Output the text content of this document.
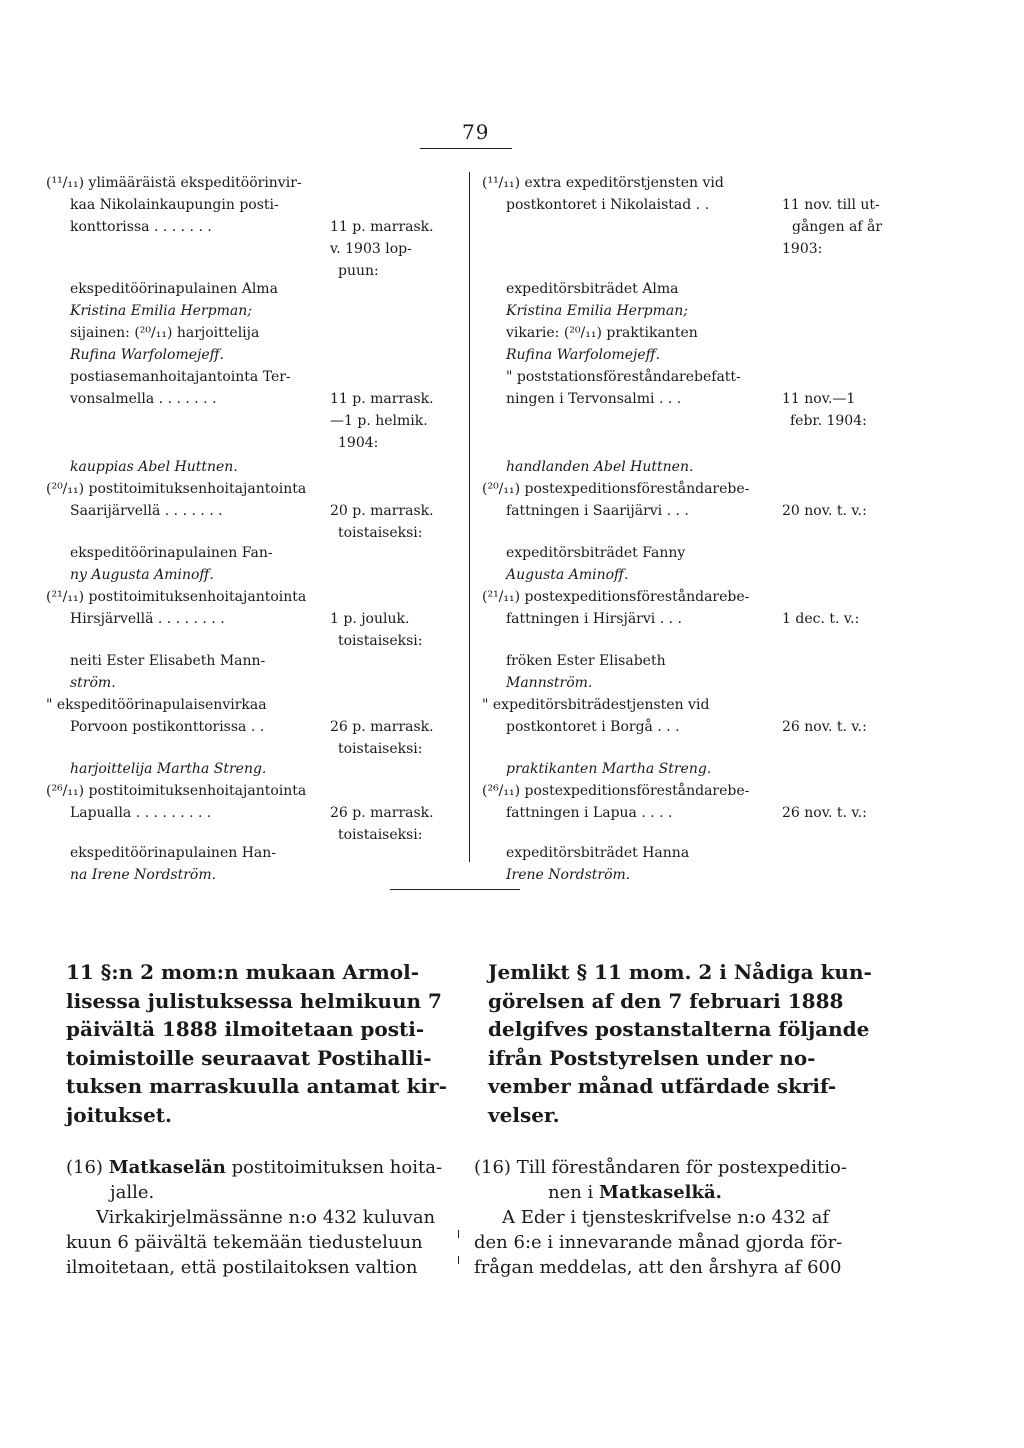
79
(¹¹/₁₁) ylimääräistä ekspeditöörinvir-
kaa Nikolainkaupungin posti-
konttorissa . . . . . . .	11 p. marrask.
v. 1903 lop-
puun:
ekspeditöörinapulainen Alma
Kristina Emilia Herpman;
sijainen: (²⁰/₁₁) harjoittelija
Rufina Warfolomejeff.
postiasemanhoitajantointa Ter-
vonsalmella . . . . . . .	11 p. marrask.
—1 p. helmik.
1904:
kauppias Abel Huttnen.
(²⁰/₁₁) postitoimituksenhoitajantointa
Saarijärvellä . . . . . . .	20 p. marrask.
toistaiseksi:
ekspeditöörinapulainen Fan-
ny Augusta Aminoff.
(²¹/₁₁) postitoimituksenhoitajantointa
Hirsjärvellä . . . . . . . .	1 p. jouluk.
toistaiseksi:
neiti Ester Elisabeth Mann-
ström.
" ekspeditöörinapulaisenvirkaa
Porvoon postikonttorissa . .	26 p. marrask.
toistaiseksi:
harjoittelija Martha Streng.
(²⁶/₁₁) postitoimituksenhoitajantointa
Lapualla . . . . . . . . .	26 p. marrask.
toistaiseksi:
ekspeditöörinapulainen Han-
na Irene Nordström.
(¹¹/₁₁) extra expeditörstjensten vid
postkontoret i Nikolaistad . .	11 nov. till ut-
gången af år
1903:
expeditörsbiträdet Alma
Kristina Emilia Herpman;
vikarie: (²⁰/₁₁) praktikanten
Rufina Warfolomejeff.
" poststationsföreståndarebefatt-
ningen i Tervonsalmi . . .	11 nov.—1
febr. 1904:
handlanden Abel Huttnen.
(²⁰/₁₁) postexpeditionsföreståndarebe-
fattningen i Saarijärvi . . .	20 nov. t. v.:
expeditörsbiträdet Fanny
Augusta Aminoff.
(²¹/₁₁) postexpeditionsföreståndarebe-
fattningen i Hirsjärvi . . .	1 dec. t. v.:
fröken Ester Elisabeth
Mannström.
" expeditörsbiträdestjensten vid
postkontoret i Borgå . . .	26 nov. t. v.:
praktikanten Martha Streng.
(²⁶/₁₁) postexpeditionsföreståndarebe-
fattningen i Lapua . . . .	26 nov. t. v.:
expeditörsbiträdet Hanna
Irene Nordström.
11 §:n 2 mom:n mukaan Armol-
lisessa julistuksessa helmikuun 7
päivältä 1888 ilmoitetaan posti-
toimistoille seuraavat Postihalli-
tuksen marraskuulla antamat kir-
joitukset.
Jemlikt § 11 mom. 2 i Nådiga kun-
görelsen af den 7 februari 1888
delgifves postanstalterna följande
ifrån Poststyrelsen under no-
vember månad utfärdade skrif-
velser.
(16) Matkaselän postitoimituksen hoita-
jalle.
Virkakirjelmässänne n:o 432 kuluvan
kuun 6 päivältä tekemään tiedusteluun
ilmoitetaan, että postilaitoksen valtion
(16) Till föreståndaren för postexpeditio-
nen i Matkaselkä.
A Eder i tjensteskrifvelse n:o 432 af
den 6:e i innevarande månad gjorda för-
frågan meddelas, att den årshyra af 600
